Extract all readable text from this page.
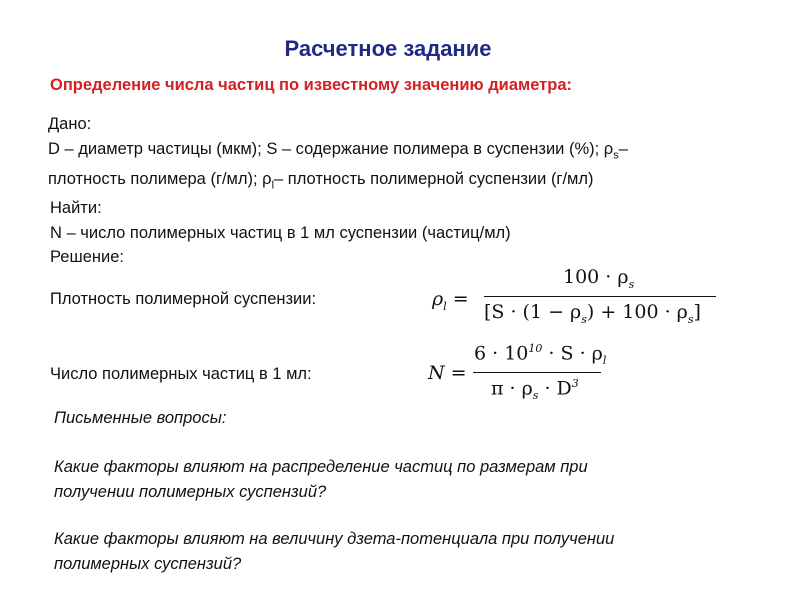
Расчетное задание
Определение числа частиц по известному значению диаметра:
Дано:
D – диаметр частицы (мкм); S – содержание полимера в суспензии (%); $\rho_s-$
плотность полимера (г/мл); $\rho_l-$ плотность полимерной суспензии (г/мл)
Найти:
N – число полимерных частиц в 1 мл суспензии (частиц/мл)
Решение:
Плотность полимерной суспензии:	$\rho_l$ =
$100 \cdot \rho_s$
$[S \cdot (1 - \rho_s) + 100 \cdot \rho_s]$
Число полимерных частиц в 1 мл:	N =
$6 \cdot 10^{10} \cdot S \cdot \rho_l$
$\pi \cdot \rho_s \cdot D^3$
Письменные вопросы:
Какие факторы влияют на распределение частиц по размерам при
получении полимерных суспензий?
Какие факторы влияют на величину дзета-потенциала при получении
полимерных суспензий?
